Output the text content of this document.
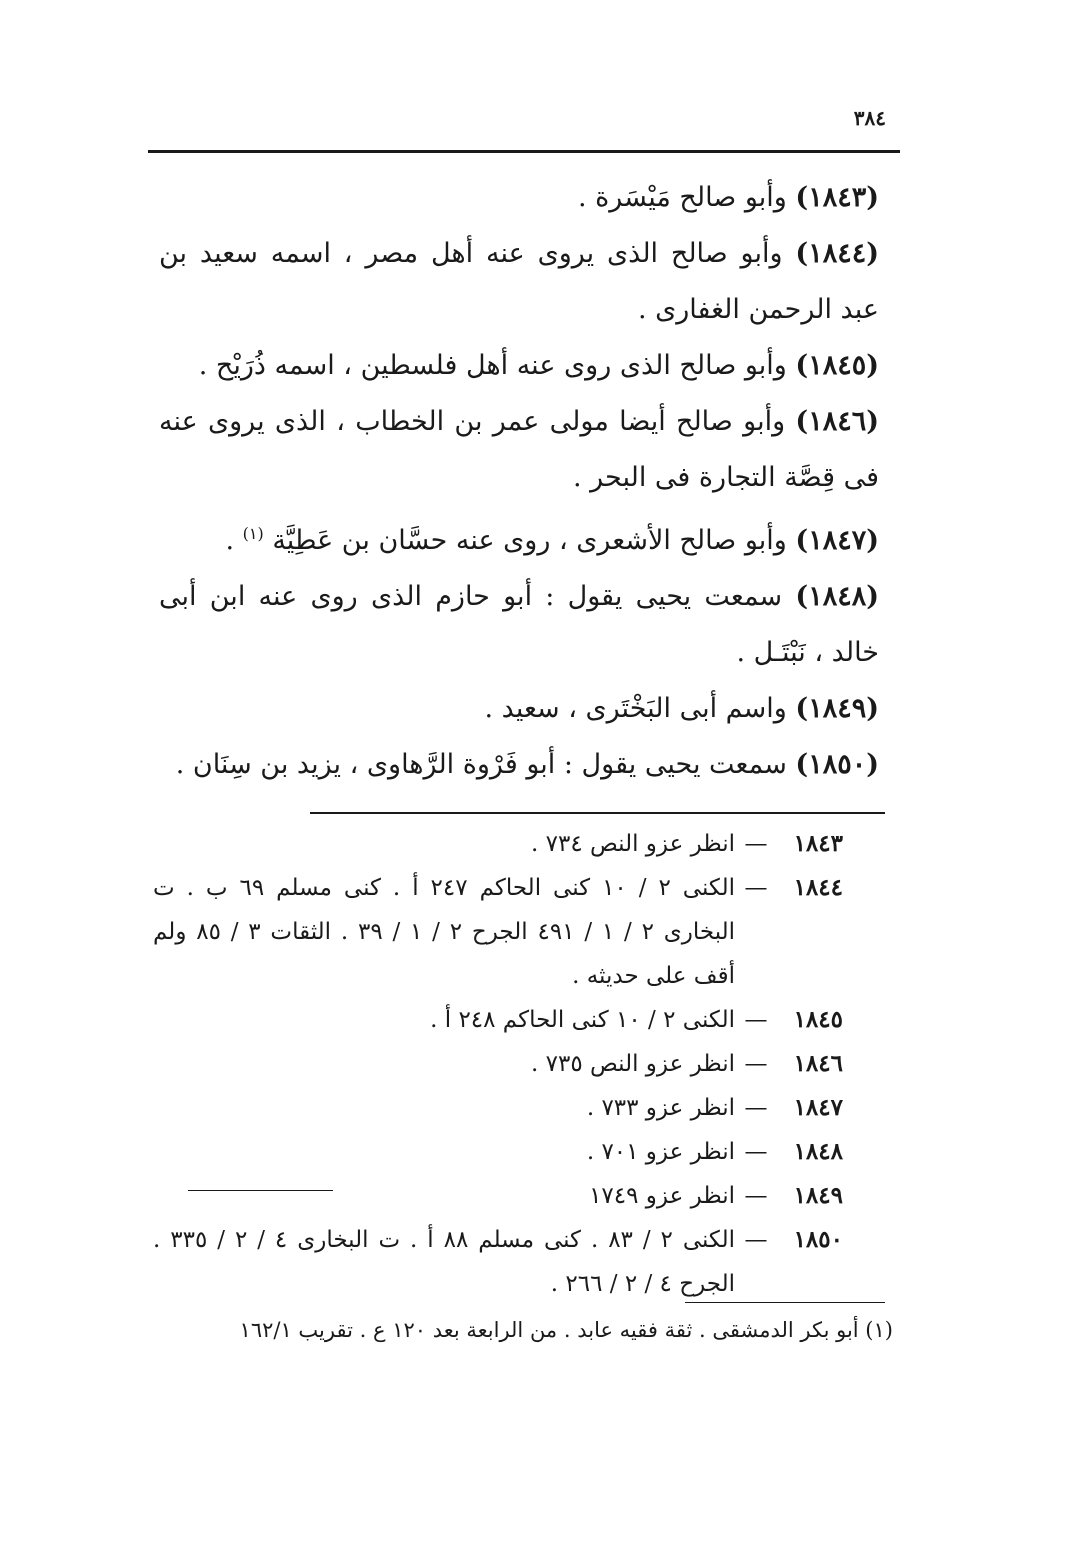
٣٨٤

(١٨٤٣) وأبو صالح مَيْسَرة .

(١٨٤٤) وأبو صالح الذى يروى عنه أهل مصر ، اسمه سعيد بن عبد الرحمن الغفارى .

(١٨٤٥) وأبو صالح الذى روى عنه أهل فلسطين ، اسمه ذُرَيْح .

(١٨٤٦) وأبو صالح أيضا مولى عمر بن الخطاب ، الذى يروى عنه فى قِصَّة التجارة فى البحر .

(١٨٤٧) وأبو صالح الأشعرى ، روى عنه حسَّان بن عَطِيَّة $^{(١)}$ .

(١٨٤٨) سمعت يحيى يقول : أبو حازم الذى روى عنه ابن أبى خالد ، نَبْتَـل .

(١٨٤٩) واسم أبى البَخْتَرى ، سعيد .

(١٨٥٠) سمعت يحيى يقول : أبو فَرْوة الرَّهاوى ، يزيد بن سِنَان .

١٨٤٣
—
انظر عزو النص ٧٣٤ .
١٨٤٤
—
الكنى ٢ / ١٠ كنى الحاكم ٢٤٧ أ . كنى مسلم ٦٩ ب . ت البخارى ٢ / ١ / ٤٩١ الجرح ٢ / ١ / ٣٩ . الثقات ٣ / ٨٥ ولم أقف على حديثه .
١٨٤٥
—
الكنى ٢ / ١٠ كنى الحاكم ٢٤٨ أ .
١٨٤٦
—
انظر عزو النص ٧٣٥ .
١٨٤٧
—
انظر عزو ٧٣٣ .
١٨٤٨
—
انظر عزو ٧٠١ .
١٨٤٩
—
انظر عزو ١٧٤٩
١٨٥٠
—
الكنى ٢ / ٨٣ . كنى مسلم ٨٨ أ . ت البخارى ٤ / ٢ / ٣٣٥ . الجرح ٤ / ٢ / ٢٦٦ .
(١) أبو بكر الدمشقى . ثقة فقيه عابد . من الرابعة بعد ١٢٠ ع . تقريب ١٦٢/١
